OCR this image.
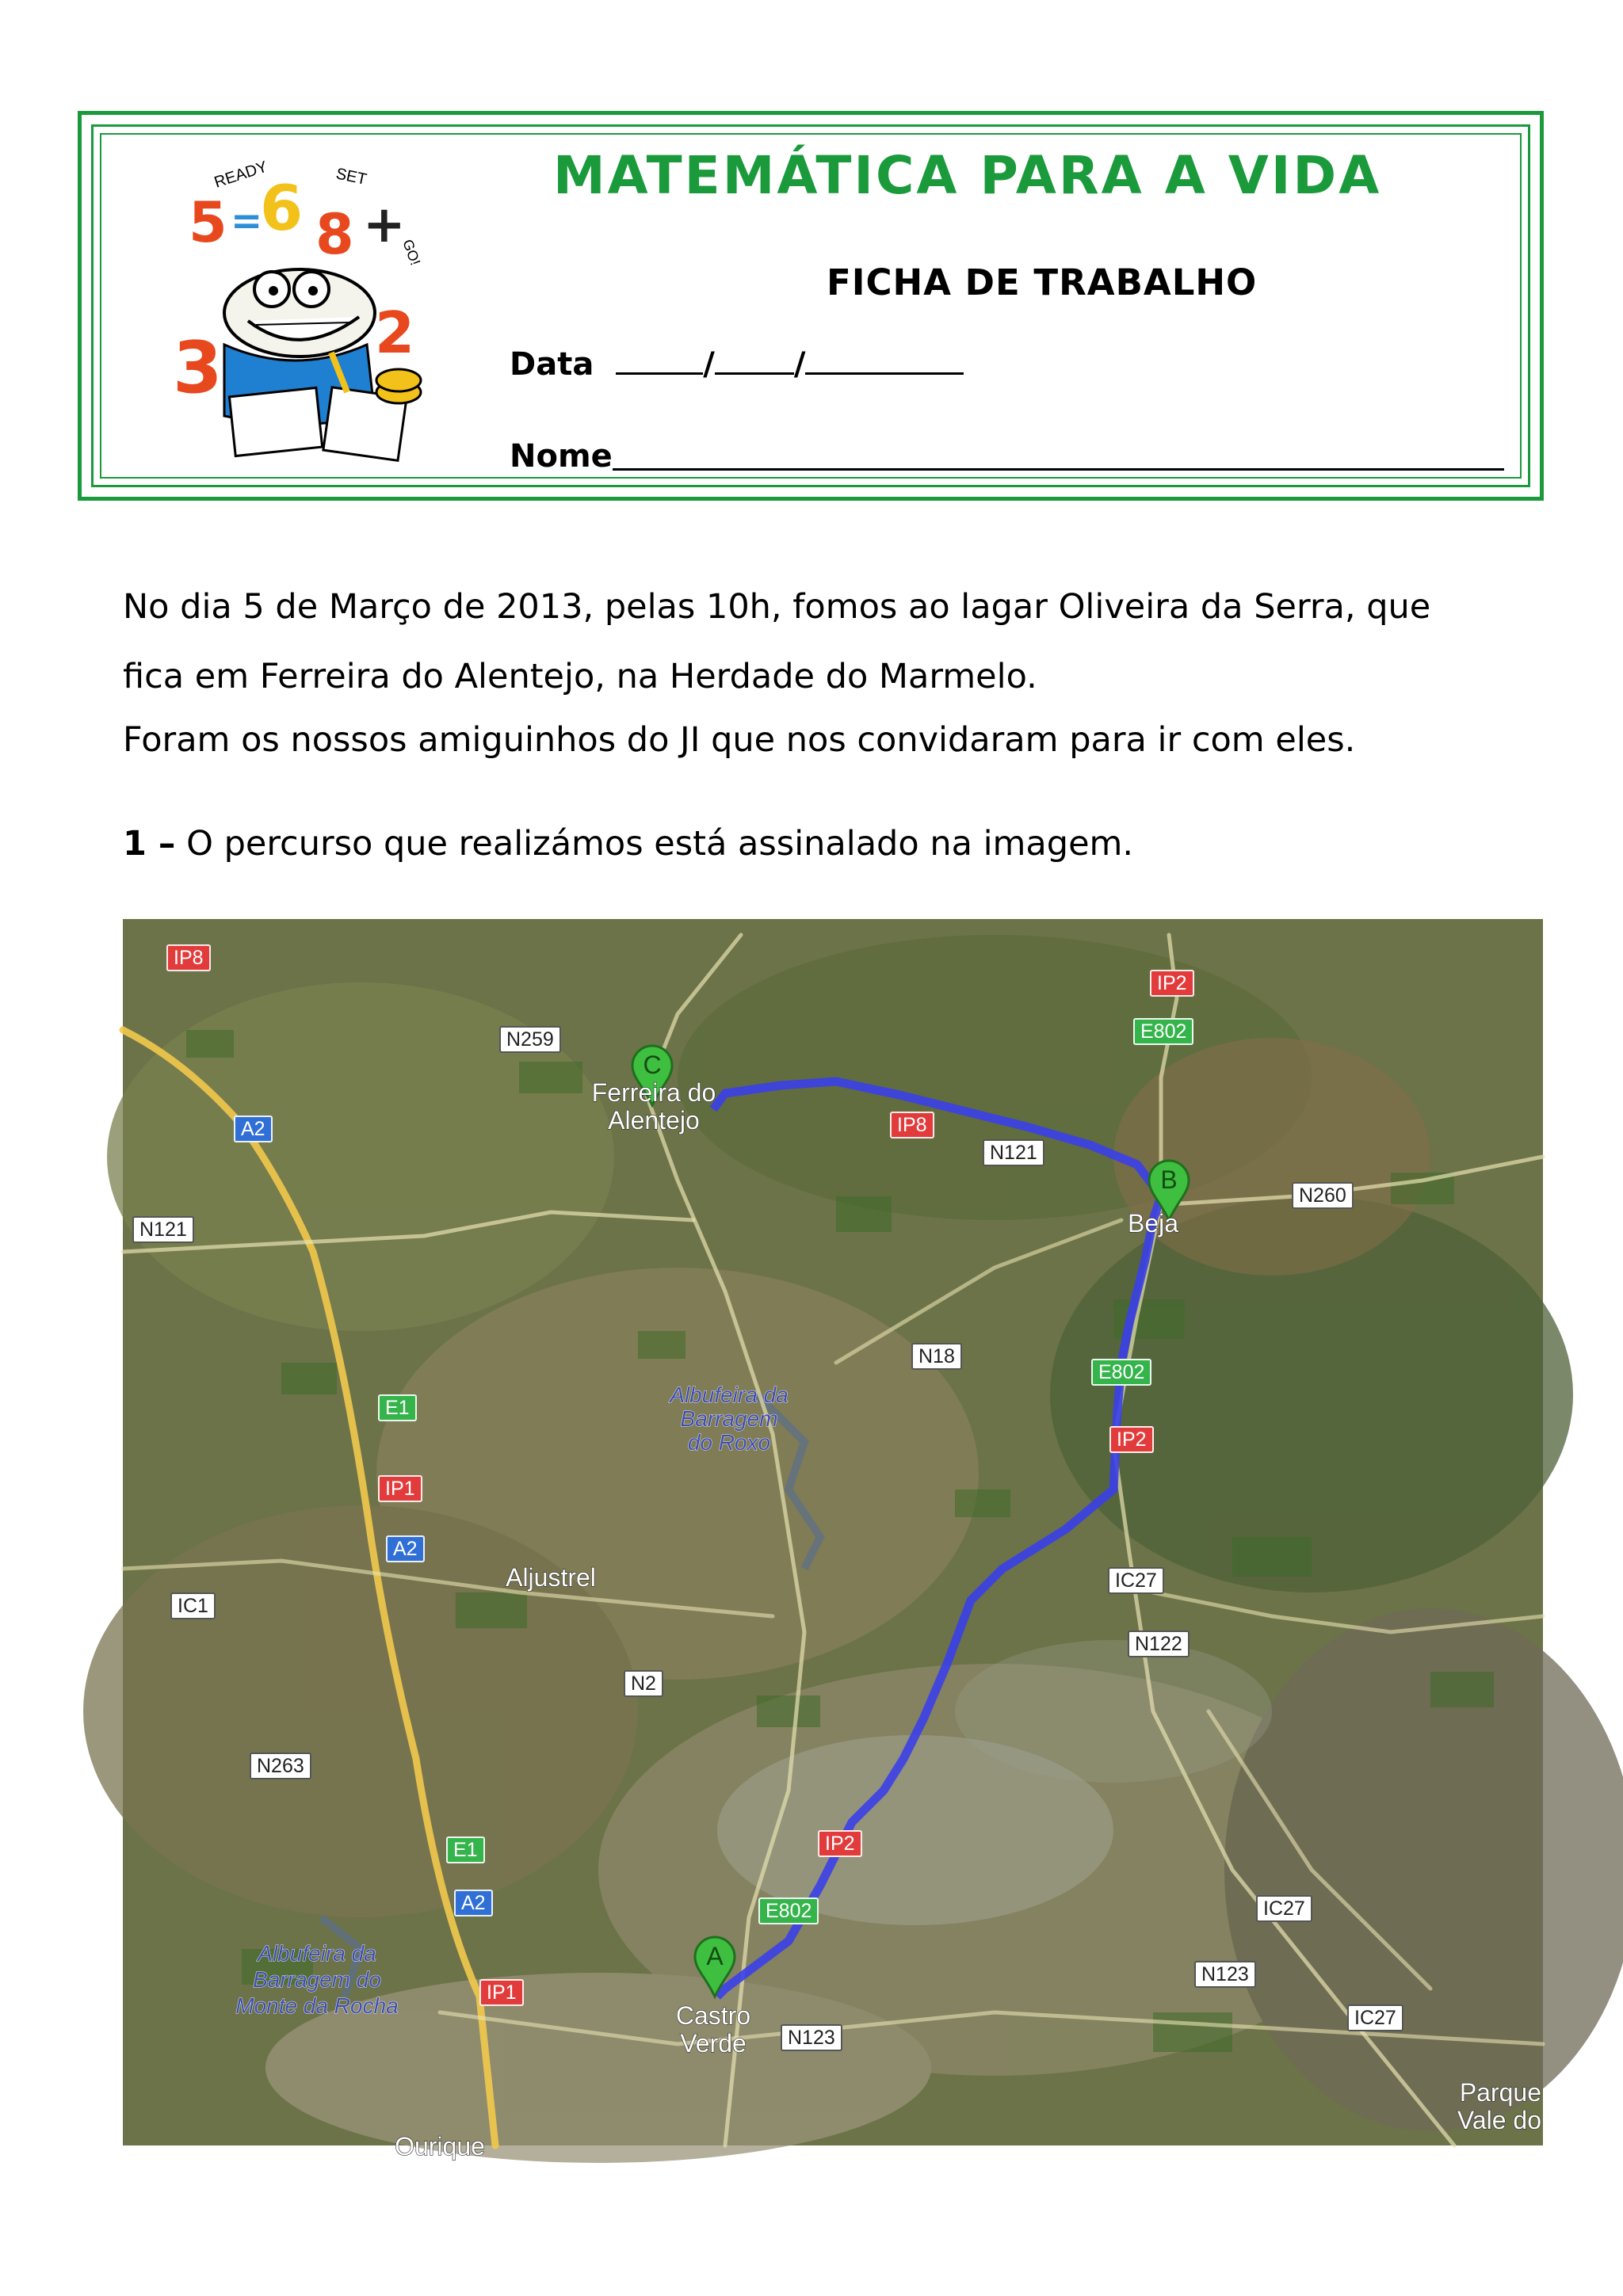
READY	SET
GO!
5 =
6 8 +
3	2
MATEMÁTICA PARA A VIDA
FICHA DE TRABALHO
Data	/	/
Nome
No dia 5 de Março de 2013, pelas 10h, fomos ao lagar Oliveira da Serra, que
fica em Ferreira do Alentejo, na Herdade do Marmelo.
Foram os nossos amiguinhos do JI que nos convidaram para ir com eles.
1 – O percurso que realizámos está assinalado na imagem.
A
B
C
Ferreira do
Alentejo
Beja
Castro
Verde
Aljustrel
Ourique
Parque
Vale do
Albufeira da
Barragem
do Roxo
Albufeira da
Barragem do
Monte da Rocha
IP8
IP2
E802
N259
A2	IP8
N121
N260
N121
N18
E802
E1
IP2
IP1
A2
IC27
IC1
N122
N2
N263
IP2
E1
A2	E802	IC27
N123
IP1
IC27
N123
